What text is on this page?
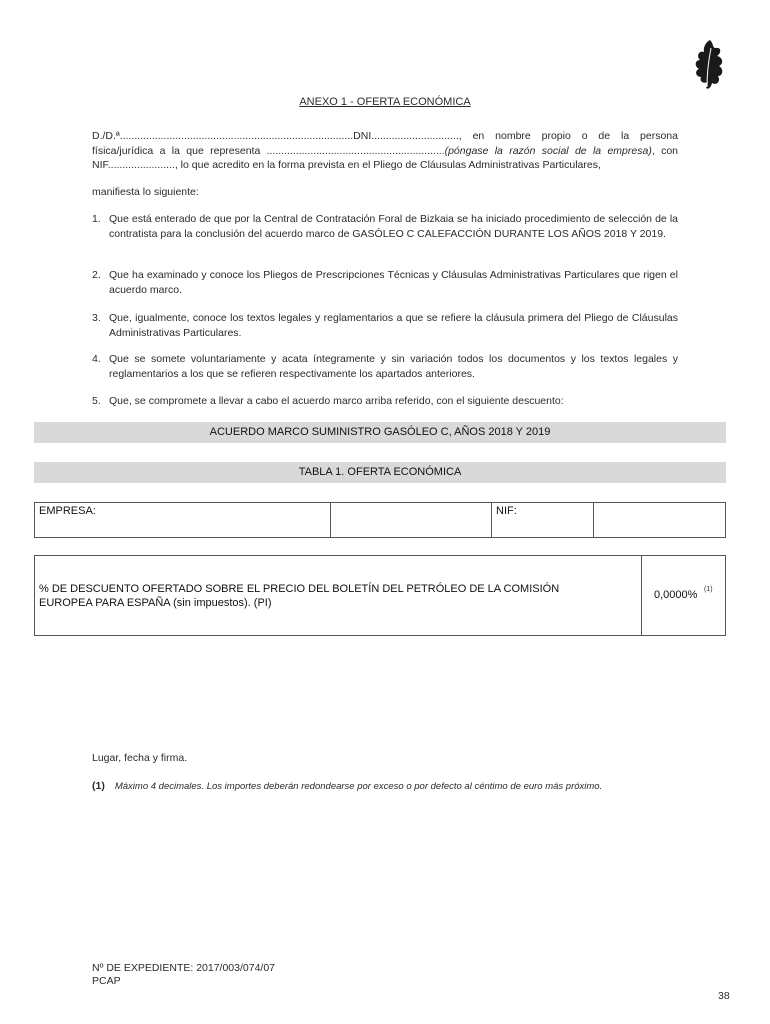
ANEXO 1 - OFERTA ECONÓMICA
D./D.ª................................................................................DNI.............................., en nombre propio o de la persona
física/jurídica a la que representa .............................................................(póngase la razón social de la empresa), con
NIF......................., lo que acredito en la forma prevista en el Pliego de Cláusulas Administrativas Particulares,
manifiesta lo siguiente:
1. Que está enterado de que por la Central de Contratación Foral de Bizkaia se ha iniciado procedimiento de selección de la contratista para la conclusión del acuerdo marco de GASÓLEO C CALEFACCIÓN DURANTE LOS AÑOS 2018 Y 2019.
2. Que ha examinado y conoce los Pliegos de Prescripciones Técnicas y Cláusulas Administrativas Particulares que rigen el acuerdo marco.
3. Que, igualmente, conoce los textos legales y reglamentarios a que se refiere la cláusula primera del Pliego de Cláusulas Administrativas Particulares.
4. Que se somete voluntariamente y acata íntegramente y sin variación todos los documentos y los textos legales y reglamentarios a los que se refieren respectivamente los apartados anteriores.
5. Que, se compromete a llevar a cabo el acuerdo marco arriba referido, con el siguiente descuento:
ACUERDO MARCO SUMINISTRO GASÓLEO C, AÑOS 2018 Y 2019
TABLA 1. OFERTA ECONÓMICA
EMPRESA:	NIF:
% DE DESCUENTO OFERTADO SOBRE EL PRECIO DEL BOLETÍN DEL PETRÓLEO DE LA COMISIÓN
EUROPEA PARA ESPAÑA (sin impuestos). (PI)
0,0000% (1)
Lugar, fecha y firma.
(1) Máximo 4 decimales. Los importes deberán redondearse por exceso o por defecto al céntimo de euro más próximo.
Nº DE EXPEDIENTE: 2017/003/074/07
PCAP
38
